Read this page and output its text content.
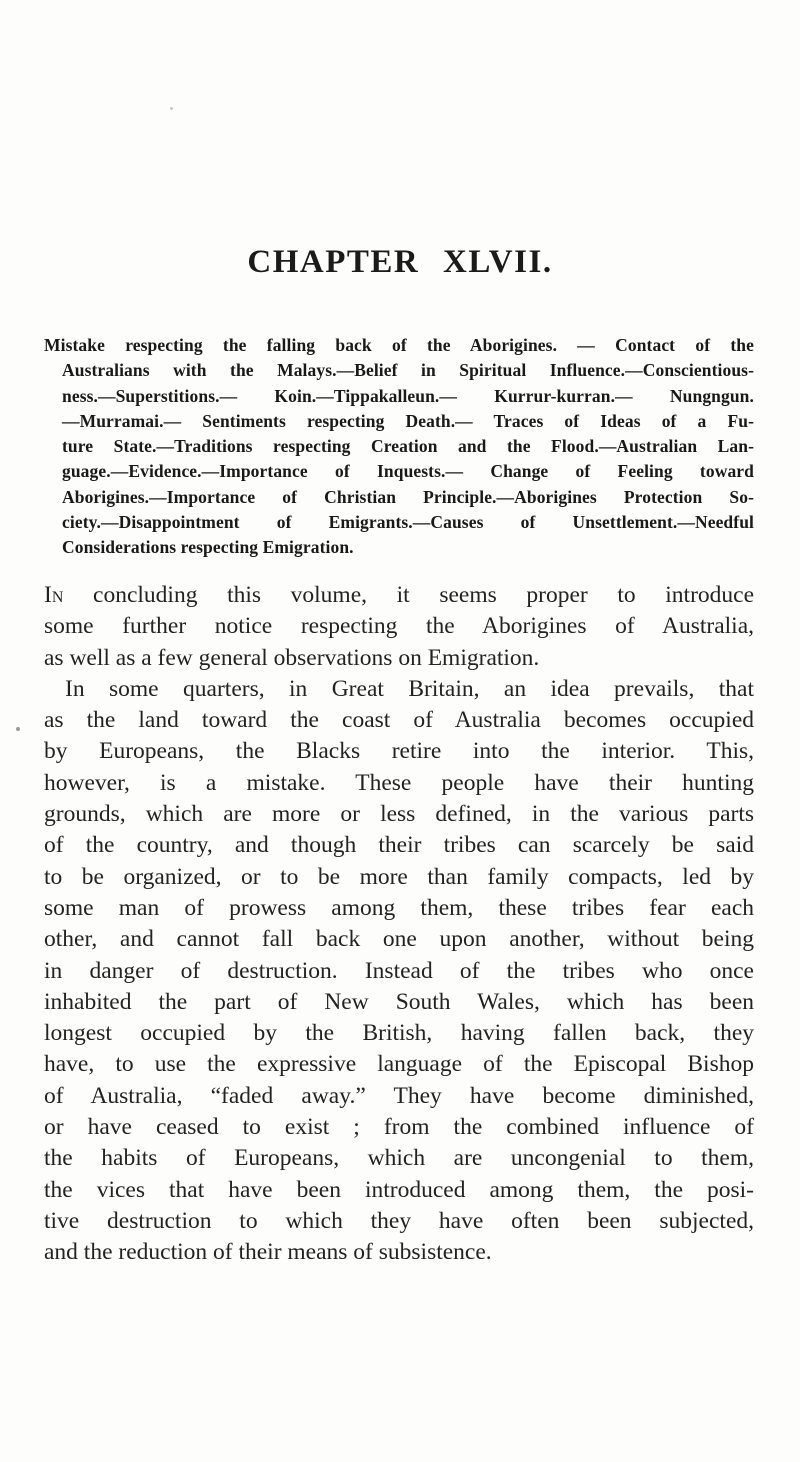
CHAPTER XLVII.
Mistake respecting the falling back of the Aborigines. — Contact of the
Australians with the Malays.—Belief in Spiritual Influence.—Conscientious-
ness.—Superstitions.— Koin.—Tippakalleun.— Kurrur-kurran.— Nungngun.
—Murramai.— Sentiments respecting Death.— Traces of Ideas of a Fu-
ture State.—Traditions respecting Creation and the Flood.—Australian Lan-
guage.—Evidence.—Importance of Inquests.— Change of Feeling toward
Aborigines.—Importance of Christian Principle.—Aborigines Protection So-
ciety.—Disappointment of Emigrants.—Causes of Unsettlement.—Needful
Considerations respecting Emigration.
In concluding this volume, it seems proper to introduce
some further notice respecting the Aborigines of Australia,
as well as a few general observations on Emigration.
In some quarters, in Great Britain, an idea prevails, that
as the land toward the coast of Australia becomes occupied
by Europeans, the Blacks retire into the interior. This,
however, is a mistake. These people have their hunting
grounds, which are more or less defined, in the various parts
of the country, and though their tribes can scarcely be said
to be organized, or to be more than family compacts, led by
some man of prowess among them, these tribes fear each
other, and cannot fall back one upon another, without being
in danger of destruction. Instead of the tribes who once
inhabited the part of New South Wales, which has been
longest occupied by the British, having fallen back, they
have, to use the expressive language of the Episcopal Bishop
of Australia, “faded away.” They have become diminished,
or have ceased to exist ; from the combined influence of
the habits of Europeans, which are uncongenial to them,
the vices that have been introduced among them, the posi-
tive destruction to which they have often been subjected,
and the reduction of their means of subsistence.
